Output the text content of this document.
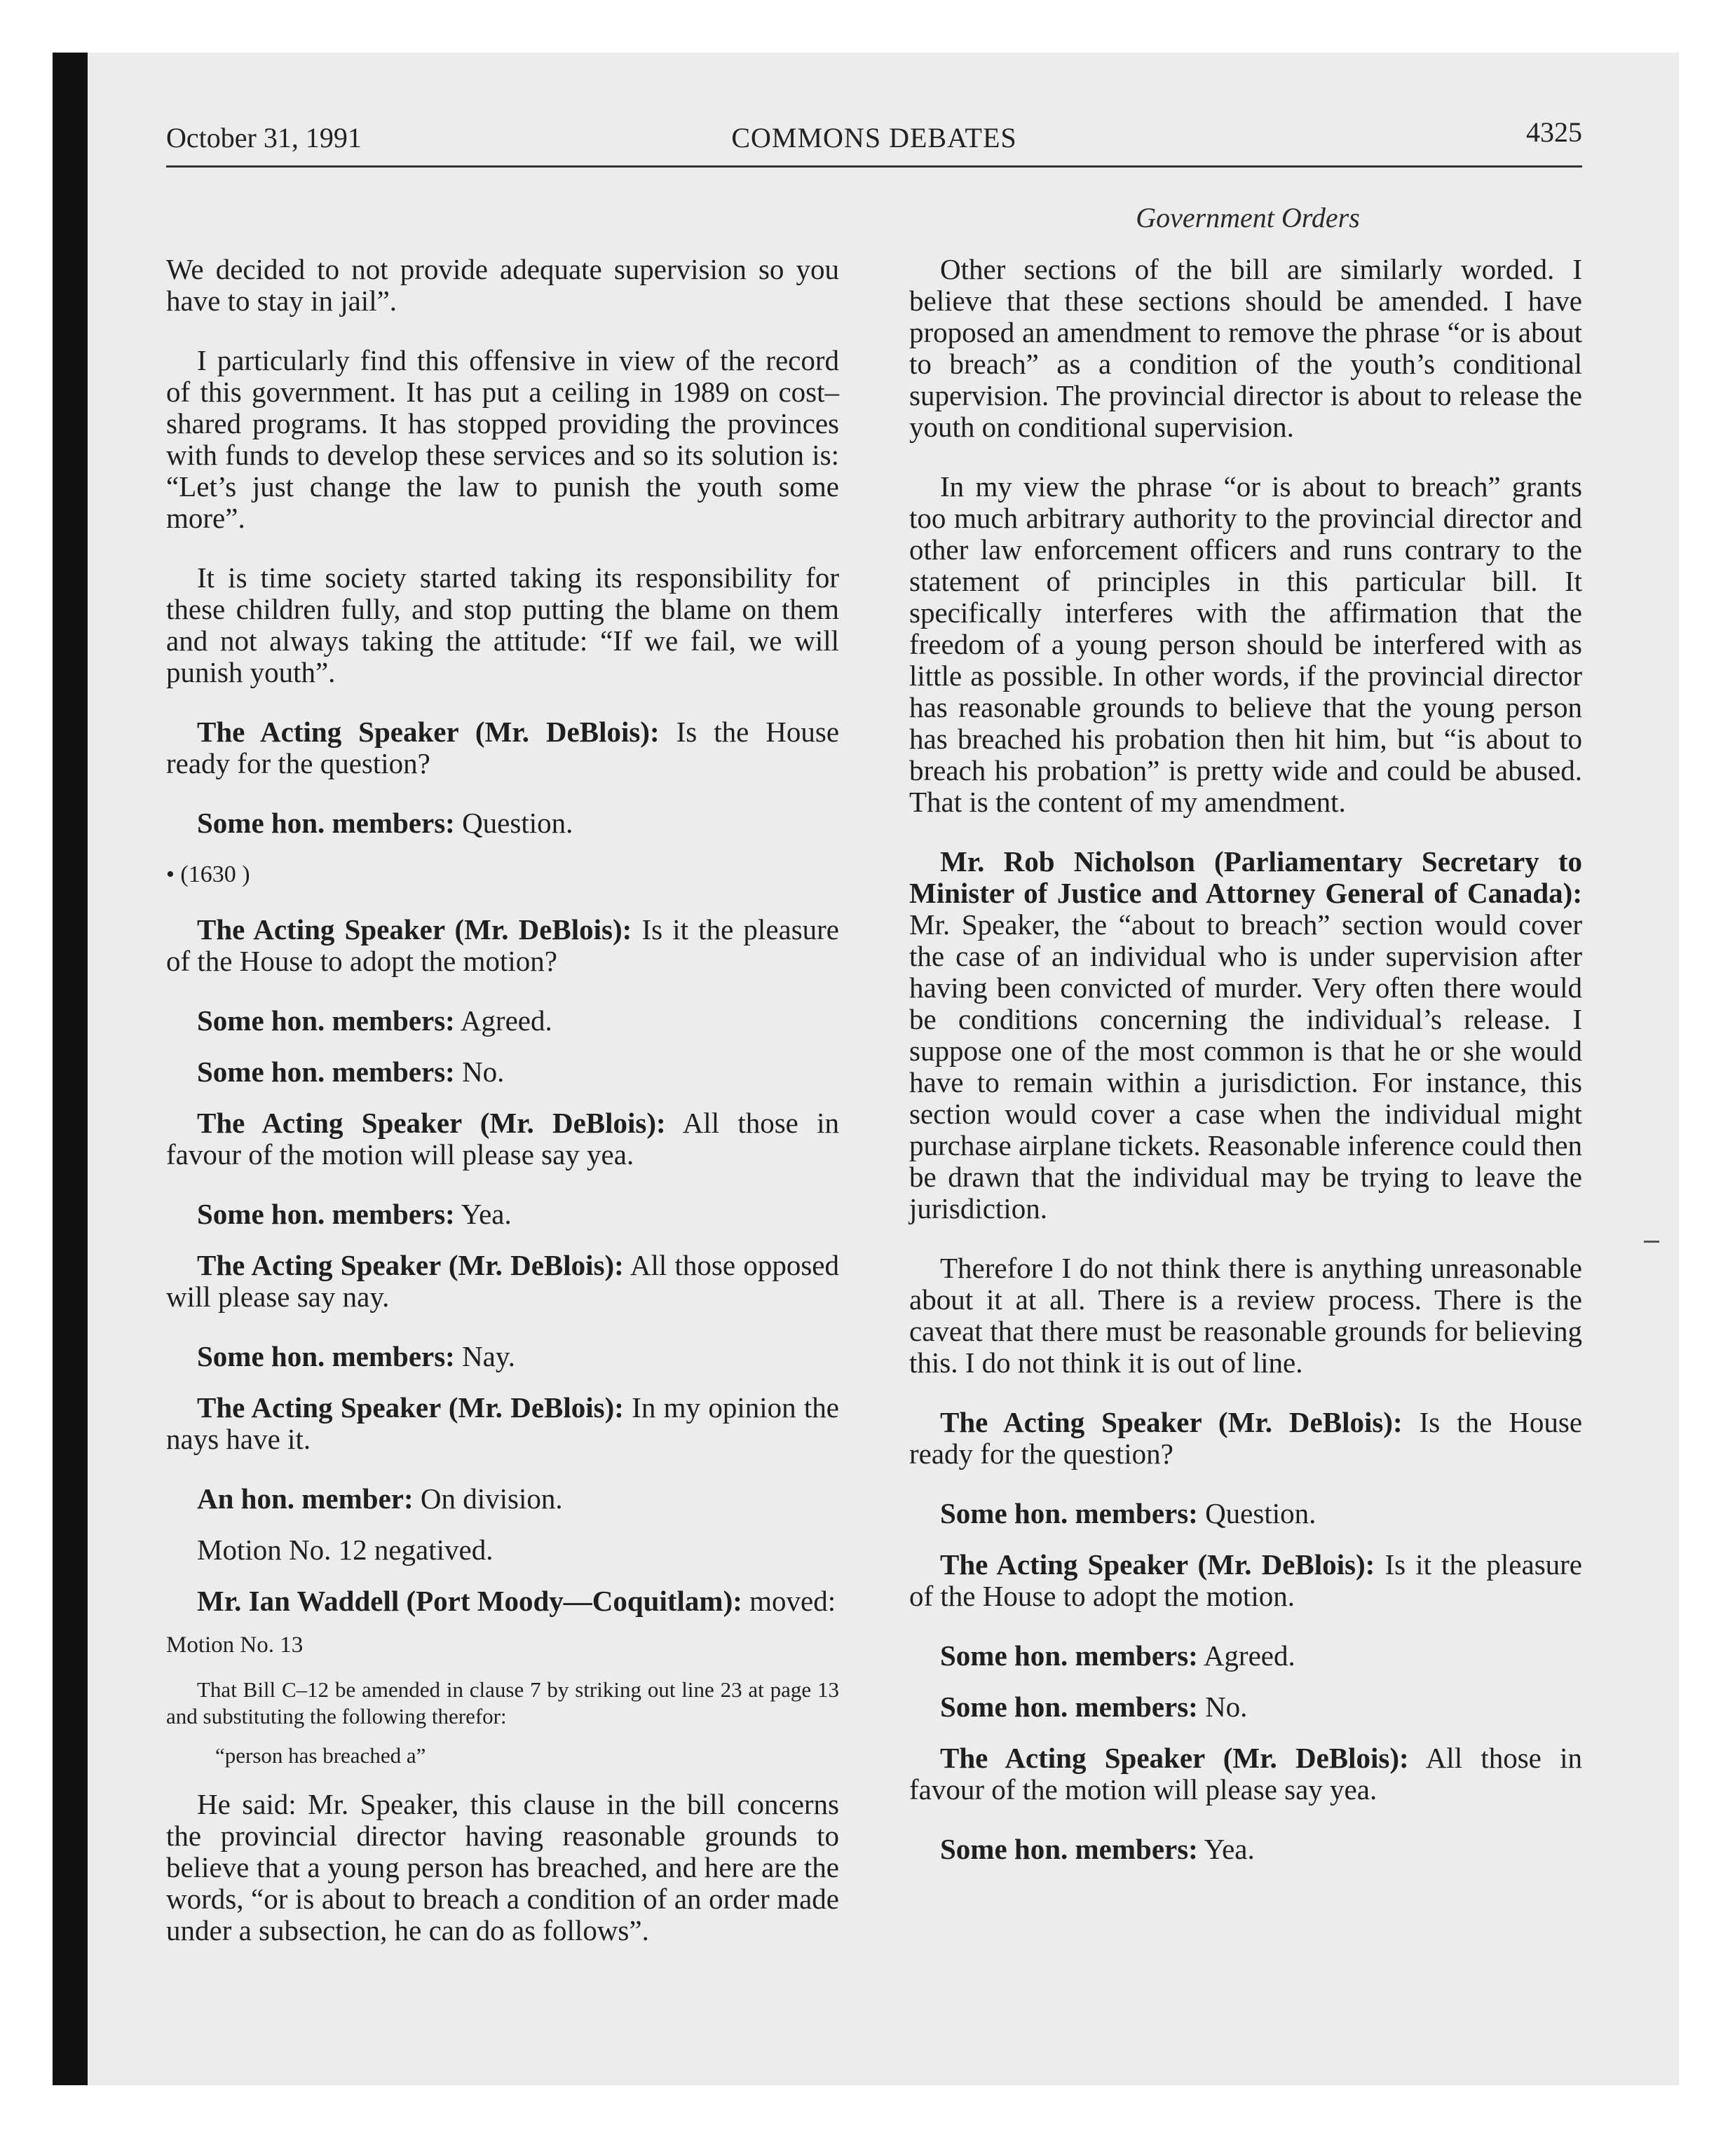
October 31, 1991	COMMONS DEBATES	4325
Government Orders

We decided to not provide adequate supervision so you have to stay in jail”.

I particularly find this offensive in view of the record of this government. It has put a ceiling in 1989 on cost–shared programs. It has stopped providing the provinces with funds to develop these services and so its solution is: “Let’s just change the law to punish the youth some more”.

It is time society started taking its responsibility for these children fully, and stop putting the blame on them and not always taking the attitude: “If we fail, we will punish youth”.

The Acting Speaker (Mr. DeBlois): Is the House ready for the question?

Some hon. members: Question.

• (1630 )

The Acting Speaker (Mr. DeBlois): Is it the pleasure of the House to adopt the motion?

Some hon. members: Agreed.

Some hon. members: No.

The Acting Speaker (Mr. DeBlois): All those in favour of the motion will please say yea.

Some hon. members: Yea.

The Acting Speaker (Mr. DeBlois): All those opposed will please say nay.

Some hon. members: Nay.

The Acting Speaker (Mr. DeBlois): In my opinion the nays have it.

An hon. member: On division.

Motion No. 12 negatived.

Mr. Ian Waddell (Port Moody—Coquitlam): moved:

Motion No. 13

That Bill C–12 be amended in clause 7 by striking out line 23 at page 13 and substituting the following therefor:

“person has breached a”

He said: Mr. Speaker, this clause in the bill concerns the provincial director having reasonable grounds to believe that a young person has breached, and here are the words, “or is about to breach a condition of an order made under a subsection, he can do as follows”.

Other sections of the bill are similarly worded. I believe that these sections should be amended. I have proposed an amendment to remove the phrase “or is about to breach” as a condition of the youth’s conditional supervision. The provincial director is about to release the youth on conditional supervision.

In my view the phrase “or is about to breach” grants too much arbitrary authority to the provincial director and other law enforcement officers and runs contrary to the statement of principles in this particular bill. It specifically interferes with the affirmation that the freedom of a young person should be interfered with as little as possible. In other words, if the provincial director has reasonable grounds to believe that the young person has breached his probation then hit him, but “is about to breach his probation” is pretty wide and could be abused. That is the content of my amendment.

Mr. Rob Nicholson (Parliamentary Secretary to Minister of Justice and Attorney General of Canada): Mr. Speaker, the “about to breach” section would cover the case of an individual who is under supervision after having been convicted of murder. Very often there would be conditions concerning the individual’s release. I suppose one of the most common is that he or she would have to remain within a jurisdiction. For instance, this section would cover a case when the individual might purchase airplane tickets. Reasonable inference could then be drawn that the individual may be trying to leave the jurisdiction.

Therefore I do not think there is anything unreasonable about it at all. There is a review process. There is the caveat that there must be reasonable grounds for believing this. I do not think it is out of line.

The Acting Speaker (Mr. DeBlois): Is the House ready for the question?

Some hon. members: Question.

The Acting Speaker (Mr. DeBlois): Is it the pleasure of the House to adopt the motion.

Some hon. members: Agreed.

Some hon. members: No.

The Acting Speaker (Mr. DeBlois): All those in favour of the motion will please say yea.

Some hon. members: Yea.
